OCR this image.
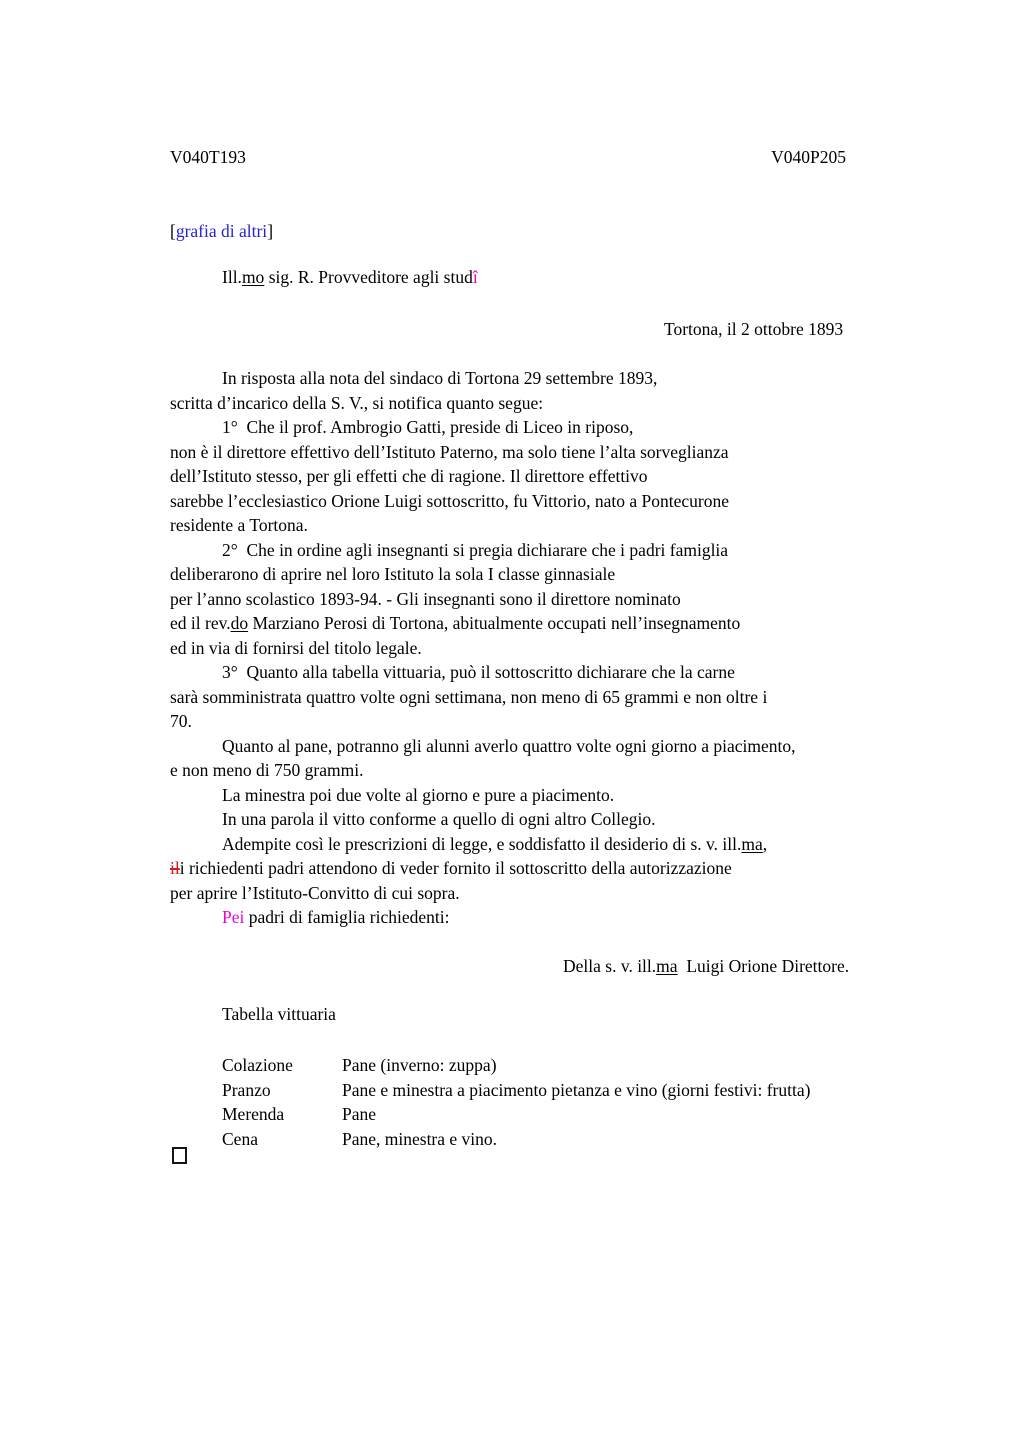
V040T193	V040P205
[grafia di altri]
Ill.mo sig. R. Provveditore agli studî
Tortona, il 2 ottobre 1893
In risposta alla nota del sindaco di Tortona 29 settembre 1893,
scritta d’incarico della S. V., si notifica quanto segue:
1°  Che il prof. Ambrogio Gatti, preside di Liceo in riposo,
non è il direttore effettivo dell’Istituto Paterno, ma solo tiene l’alta sorveglianza
dell’Istituto stesso, per gli effetti che di ragione. Il direttore effettivo
sarebbe l’ecclesiastico Orione Luigi sottoscritto, fu Vittorio, nato a Pontecurone
residente a Tortona.
2°  Che in ordine agli insegnanti si pregia dichiarare che i padri famiglia
deliberarono di aprire nel loro Istituto la sola I classe ginnasiale
per l’anno scolastico 1893-94. - Gli insegnanti sono il direttore nominato
ed il rev.do Marziano Perosi di Tortona, abitualmente occupati nell’insegnamento
ed in via di fornirsi del titolo legale.
3°  Quanto alla tabella vittuaria, può il sottoscritto dichiarare che la carne
sarà somministrata quattro volte ogni settimana, non meno di 65 grammi e non oltre i
70.
Quanto al pane, potranno gli alunni averlo quattro volte ogni giorno a piacimento,
e non meno di 750 grammi.
La minestra poi due volte al giorno e pure a piacimento.
In una parola il vitto conforme a quello di ogni altro Collegio.
Adempite così le prescrizioni di legge, e soddisfatto il desiderio di s. v. ill.ma,
ili richiedenti padri attendono di veder fornito il sottoscritto della autorizzazione
per aprire l’Istituto-Convitto di cui sopra.
Pei padri di famiglia richiedenti:
Della s. v. ill.ma  Luigi Orione Direttore.
Tabella vittuaria
Colazione	Pane (inverno: zuppa)
Pranzo	Pane e minestra a piacimento pietanza e vino (giorni festivi: frutta)
Merenda	Pane
Cena	Pane, minestra e vino.
